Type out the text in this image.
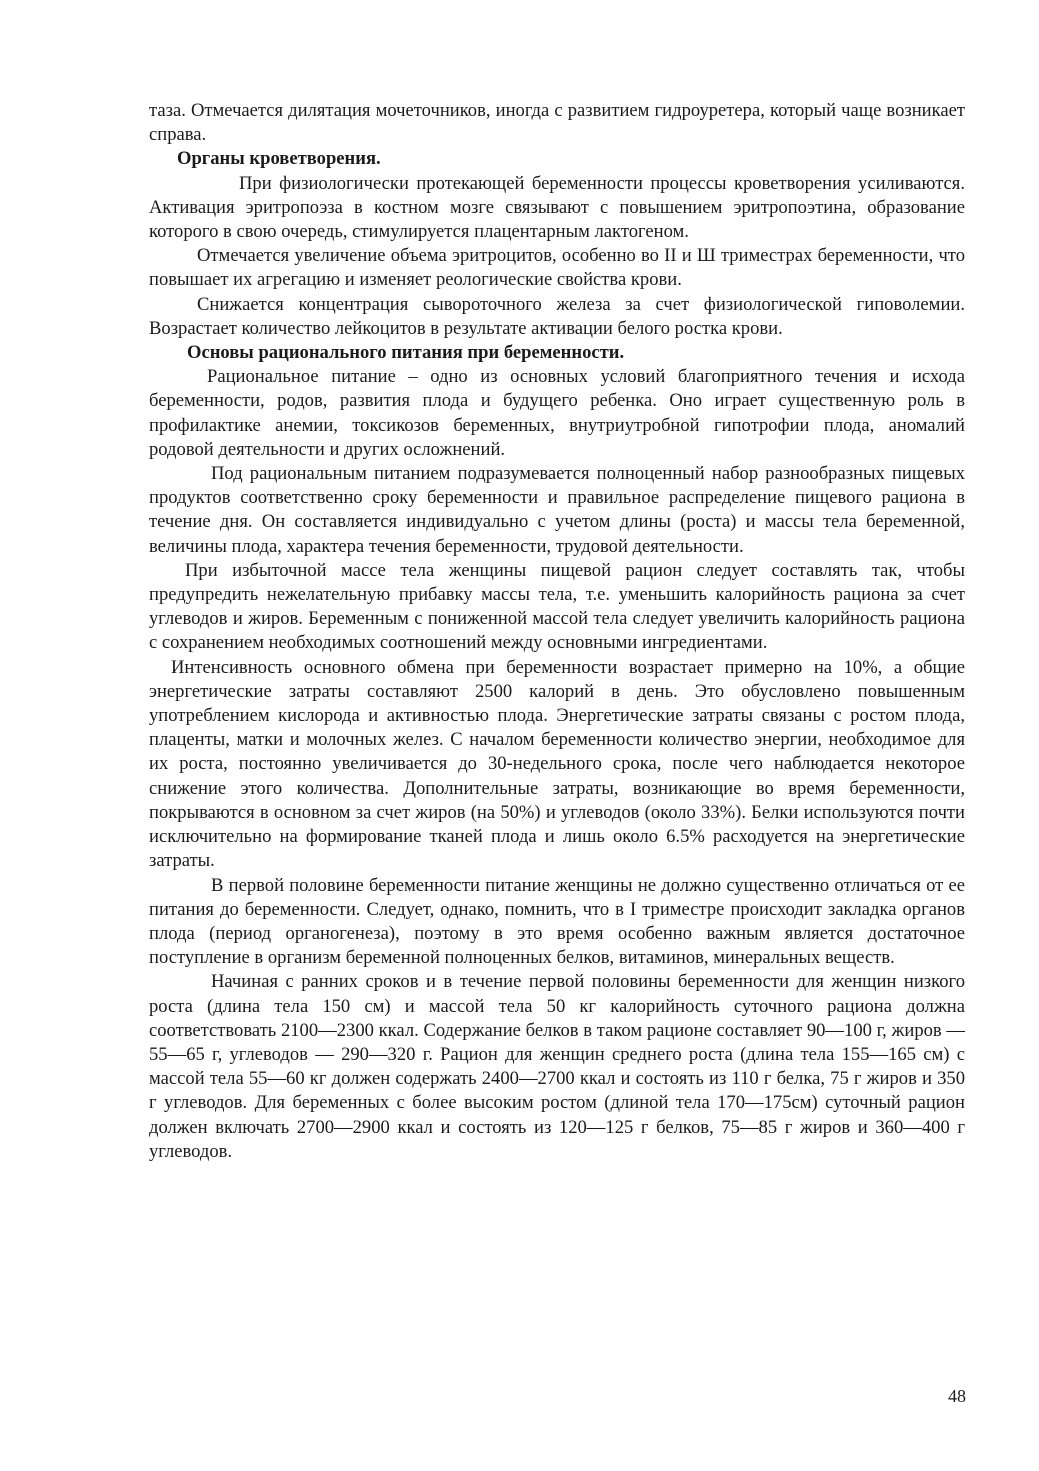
таза. Отмечается дилятация мочеточников, иногда с развитием гидроуретера, который чаще возникает справа.

Органы кроветворения.

При физиологически протекающей беременности процессы кроветворения усиливаются. Активация эритропоэза в костном мозге связывают с повышением эритропоэтина, образование которого в свою очередь, стимулируется плацентарным лактогеном.

Отмечается увеличение объема эритроцитов, особенно во II и Ш триместрах беременности, что повышает их агрегацию и изменяет реологические свойства крови.

Снижается концентрация сывороточного железа за счет физиологической гиповолемии. Возрастает количество лейкоцитов в результате активации белого ростка крови.

Основы рационального питания при беременности.

Рациональное питание – одно из основных условий благоприятного течения и исхода беременности, родов, развития плода и будущего ребенка. Оно играет существенную роль в профилактике анемии, токсикозов беременных, внутриутробной гипотрофии плода, аномалий родовой деятельности и других осложнений.

Под рациональным питанием подразумевается полноценный набор разнообразных пищевых продуктов соответственно сроку беременности и правильное распределение пищевого рациона в течение дня. Он составляется индивидуально с учетом длины (роста) и массы тела беременной, величины плода, характера течения беременности, трудовой деятельности.

При избыточной массе тела женщины пищевой рацион следует составлять так, чтобы предупредить нежелательную прибавку массы тела, т.е. уменьшить калорийность рациона за счет углеводов и жиров. Беременным с пониженной массой тела следует увеличить калорийность рациона с сохранением необходимых соотношений между основными ингредиентами.

Интенсивность основного обмена при беременности возрастает примерно на 10%, а общие энергетические затраты составляют 2500 калорий в день. Это обусловлено повышенным употреблением кислорода и активностью плода. Энергетические затраты связаны с ростом плода, плаценты, матки и молочных желез. С началом беременности количество энергии, необходимое для их роста, постоянно увеличивается до 30-недельного срока, после чего наблюдается некоторое снижение этого количества. Дополнительные затраты, возникающие во время беременности, покрываются в основном за счет жиров (на 50%) и углеводов (около 33%). Белки используются почти исключительно на формирование тканей плода и лишь около 6.5% расходуется на энергетические затраты.

В первой половине беременности питание женщины не должно существенно отличаться от ее питания до беременности. Следует, однако, помнить, что в I триместре происходит закладка органов плода (период органогенеза), поэтому в это время особенно важным является достаточное поступление в организм беременной полноценных белков, витаминов, минеральных веществ.

Начиная с ранних сроков и в течение первой половины беременности для женщин низкого роста (длина тела 150 см) и массой тела 50 кг калорийность суточного рациона должна соответствовать 2100—2300 ккал. Содержание белков в таком рационе составляет 90—100 г, жиров — 55—65 г, углеводов — 290—320 г. Рацион для женщин среднего роста (длина тела 155—165 см) с массой тела 55—60 кг должен содержать 2400—2700 ккал и состоять из 110 г белка, 75 г жиров и 350 г углеводов. Для беременных с более высоким ростом (длиной тела 170—175см) суточный рацион должен включать 2700—2900 ккал и состоять из 120—125 г белков, 75—85 г жиров и 360—400 г углеводов.

48
